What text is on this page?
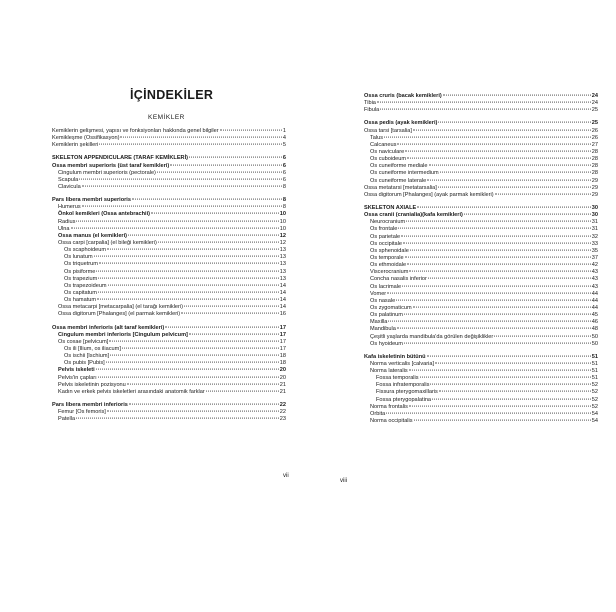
İÇİNDEKİLER
KEMİKLER
Kemiklerin gelişmesi, yapısı ve fonksiyonları hakkında genel bilgiler	1
Kemikleşme (Ossifikasyon)	4
Kemiklerin şekilleri	5
SKELETON APPENDICULARE (TARAF KEMİKLERİ)	6
Ossa membri superioris (üst taraf kemikleri)	6
Cingulum membri superioris (pectorale)	6
Scapula	6
Clavicula	8
Pars libera membri superioris	8
Humerus	8
Önkol kemikleri (Ossa antebrachii)	10
Radius	10
Ulna	10
Ossa manus (el kemikleri)	12
Ossa carpi [carpalia] (el bileği kemikleri)	12
Os scaphoideum	13
Os lunatum	13
Os triquetrum	13
Os pisiforme	13
Os trapezium	13
Os trapezoideum	14
Os capitatum	14
Os hamatum	14
Ossa metacarpi [metacarpalia] (el tarağı kemikleri)	14
Ossa digitorum [Phalanges] (el parmak kemikleri)	16
Ossa membri inferioris (alt taraf kemikleri)	17
Cingulum membri inferioris [Cingulum pelvicum]	17
Os coxae [pelvicum]	17
Os ili [Ilium, os iliacum]	17
Os ischii [Ischium]	18
Os pubis [Pubis]	18
Pelvis iskeleti	20
Pelvis'in çapları	20
Pelvis iskeletinin pozisyonu	21
Kadın ve erkek pelvis iskeletleri arasındaki anatomik farklar	21
Pars libera membri inferioris	22
Femur [Os femoris]	22
Patella	23
vii
Ossa cruris (bacak kemikleri)	24
Tibia	24
Fibula	25
Ossa pedis (ayak kemikleri)	25
Ossa tarsi [tarsalia]	26
Talus	26
Calcaneus	27
Os naviculare	28
Os cuboideum	28
Os cuneiforme mediale	28
Os cuneiforme intermedium	28
Os cuneiforme laterale	29
Ossa metatarsi [metatarsalia]	29
Ossa digitorum [Phalanges] (ayak parmak kemikleri)	29
SKELETON AXIALE	30
Ossa cranii (cranialia)(kafa kemikleri)	30
Neurocranium	31
Os frontale	31
Os parietale	32
Os occipitale	33
Os sphenoidale	35
Os temporale	37
Os ethmoidale	42
Viscerocranium	43
Concha nasalis inferior	43
Os lacrimale	43
Vomer	44
Os nasale	44
Os zygomaticum	44
Os palatinum	45
Maxilla	46
Mandibula	48
Çeşitli yaşlarda mandibula'da görülen değişiklikler	50
Os hyoideum	50
Kafa iskeletinin bütünü	51
Norma verticalis [calvaria]	51
Norma lateralis	51
Fossa temporalis	51
Fossa infratemporalis	52
Fissura pterygomaxillaris	52
Fossa pterygopalatina	52
Norma frontalis	52
Orbita	54
Norma occipitalis	54
viii
